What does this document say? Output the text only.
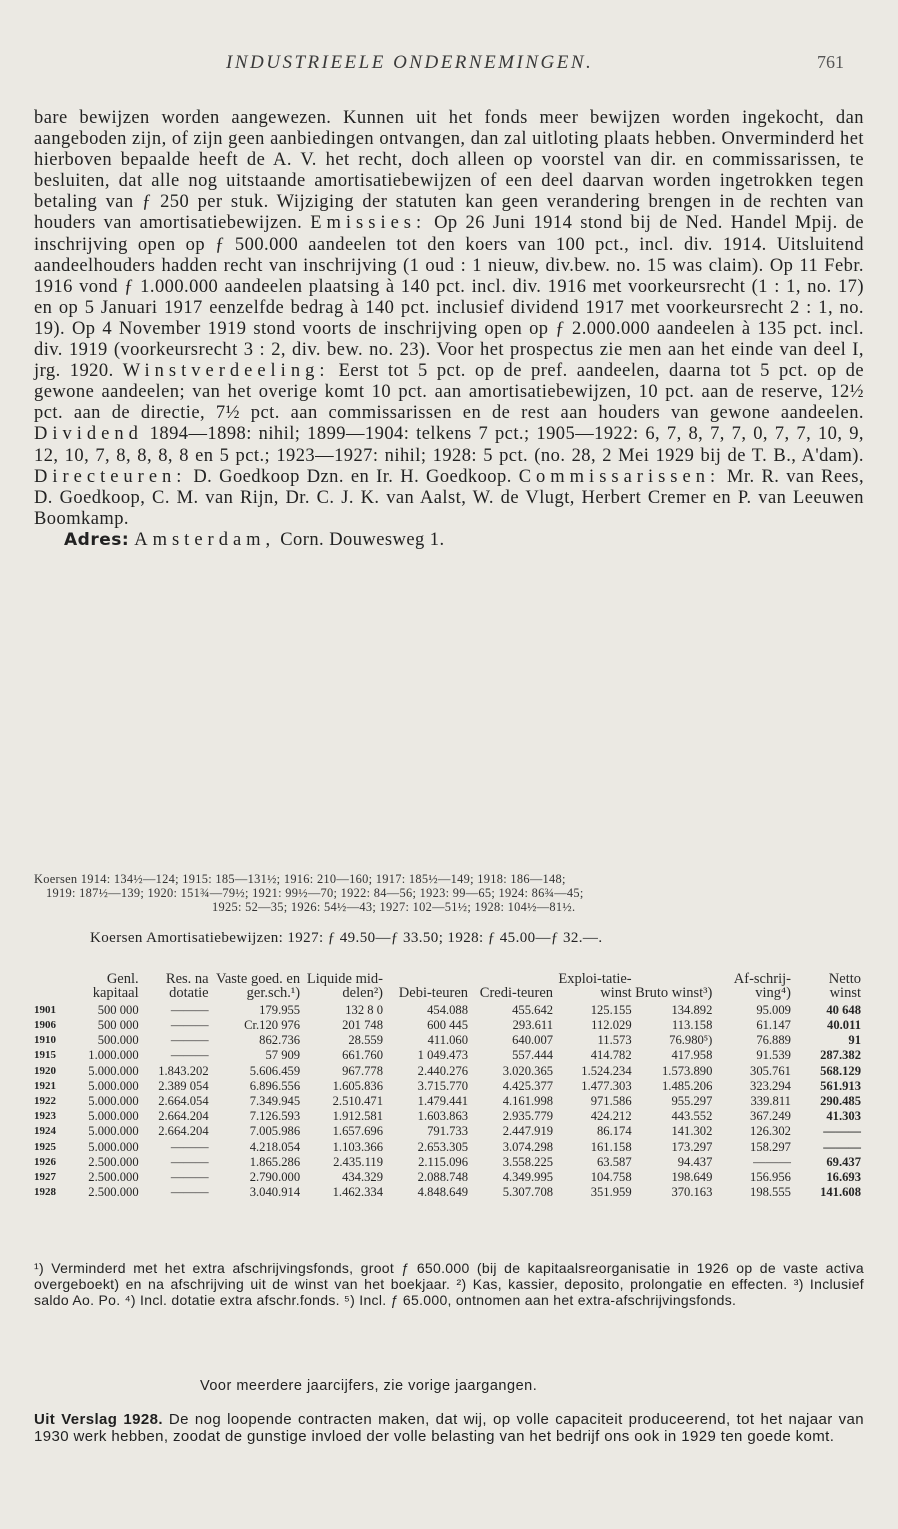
INDUSTRIEELE ONDERNEMINGEN.	761

bare bewijzen worden aangewezen. Kunnen uit het fonds meer bewijzen worden ingekocht, dan aangeboden zijn, of zijn geen aanbiedingen ontvangen, dan zal uitloting plaats hebben. Onverminderd het hierboven bepaalde heeft de A. V. het recht, doch alleen op voorstel van dir. en commissarissen, te besluiten, dat alle nog uitstaande amortisatiebewijzen of een deel daarvan worden ingetrokken tegen betaling van ƒ 250 per stuk. Wijziging der statuten kan geen verandering brengen in de rechten van houders van amortisatiebewijzen. Emissies: Op 26 Juni 1914 stond bij de Ned. Handel Mpij. de inschrijving open op ƒ 500.000 aandeelen tot den koers van 100 pct., incl. div. 1914. Uitsluitend aandeelhouders hadden recht van inschrijving (1 oud : 1 nieuw, div.bew. no. 15 was claim). Op 11 Febr. 1916 vond ƒ 1.000.000 aandeelen plaatsing à 140 pct. incl. div. 1916 met voorkeursrecht (1 : 1, no. 17) en op 5 Januari 1917 eenzelfde bedrag à 140 pct. inclusief dividend 1917 met voorkeursrecht 2 : 1, no. 19). Op 4 November 1919 stond voorts de inschrijving open op ƒ 2.000.000 aandeelen à 135 pct. incl. div. 1919 (voorkeursrecht 3 : 2, div. bew. no. 23). Voor het prospectus zie men aan het einde van deel I, jrg. 1920. Winstverdeeling: Eerst tot 5 pct. op de pref. aandeelen, daarna tot 5 pct. op de gewone aandeelen; van het overige komt 10 pct. aan amortisatiebewijzen, 10 pct. aan de reserve, 12½ pct. aan de directie, 7½ pct. aan commissarissen en de rest aan houders van gewone aandeelen. Dividend 1894—1898: nihil; 1899—1904: telkens 7 pct.; 1905—1922: 6, 7, 8, 7, 7, 0, 7, 7, 10, 9, 12, 10, 7, 8, 8, 8, 8 en 5 pct.; 1923—1927: nihil; 1928: 5 pct. (no. 28, 2 Mei 1929 bij de T. B., A'dam). Directeuren: D. Goedkoop Dzn. en Ir. H. Goedkoop. Commissarissen: Mr. R. van Rees, D. Goedkoop, C. M. van Rijn, Dr. C. J. K. van Aalst, W. de Vlugt, Herbert Cremer en P. van Leeuwen Boomkamp.

Adres: Amsterdam, Corn. Douwesweg 1.

Koersen 1914: 134½—124; 1915: 185—131½; 1916: 210—160; 1917: 185½—149; 1918: 186—148;
1919: 187½—139; 1920: 151¾—79½; 1921: 99½—70; 1922: 84—56; 1923: 99—65; 1924: 86¾—45;
1925: 52—35; 1926: 54½—43; 1927: 102—51½; 1928: 104½—81½.
Koersen Amortisatiebewijzen: 1927: ƒ 49.50—ƒ 33.50; 1928: ƒ 45.00—ƒ 32.—.
	Genl. kapitaal	Res. na dotatie	Vaste goed. en ger.sch.¹)	Liquide mid-delen²)	Debi-teuren	Credi-teuren	Exploi-tatie-winst	Bruto winst³)	Af-schrij-ving⁴)	Netto winst
1901	500 000	———	179.955	132 8 0	454.088	455.642	125.155	134.892	95.009	40 648
1906	500 000	———	Cr.120 976	201 748	600 445	293.611	112.029	113.158	61.147	40.011
1910	500.000	———	862.736	28.559	411.060	640.007	11.573	76.980⁵)	76.889	91
1915	1.000.000	———	57 909	661.760	1 049.473	557.444	414.782	417.958	91.539	287.382
1920	5.000.000	1.843.202	5.606.459	967.778	2.440.276	3.020.365	1.524.234	1.573.890	305.761	568.129
1921	5.000.000	2.389 054	6.896.556	1.605.836	3.715.770	4.425.377	1.477.303	1.485.206	323.294	561.913
1922	5.000.000	2.664.054	7.349.945	2.510.471	1.479.441	4.161.998	971.586	955.297	339.811	290.485
1923	5.000.000	2.664.204	7.126.593	1.912.581	1.603.863	2.935.779	424.212	443.552	367.249	41.303
1924	5.000.000	2.664.204	7.005.986	1.657.696	791.733	2.447.919	86.174	141.302	126.302	———
1925	5.000.000	———	4.218.054	1.103.366	2.653.305	3.074.298	161.158	173.297	158.297	———
1926	2.500.000	———	1.865.286	2.435.119	2.115.096	3.558.225	63.587	94.437	———	69.437
1927	2.500.000	———	2.790.000	434.329	2.088.748	4.349.995	104.758	198.649	156.956	16.693
1928	2.500.000	———	3.040.914	1.462.334	4.848.649	5.307.708	351.959	370.163	198.555	141.608
¹) Verminderd met het extra afschrijvingsfonds, groot ƒ 650.000 (bij de kapitaalsreorganisatie in 1926 op de vaste activa overgeboekt) en na afschrijving uit de winst van het boekjaar. ²) Kas, kassier, deposito, prolongatie en effecten. ³) Inclusief saldo Ao. Po. ⁴) Incl. dotatie extra afschr.fonds. ⁵) Incl. ƒ 65.000, ontnomen aan het extra-afschrijvingsfonds.
Voor meerdere jaarcijfers, zie vorige jaargangen.
Uit Verslag 1928. De nog loopende contracten maken, dat wij, op volle capaciteit produceerend, tot het najaar van 1930 werk hebben, zoodat de gunstige invloed der volle belasting van het bedrijf ons ook in 1929 ten goede komt.
